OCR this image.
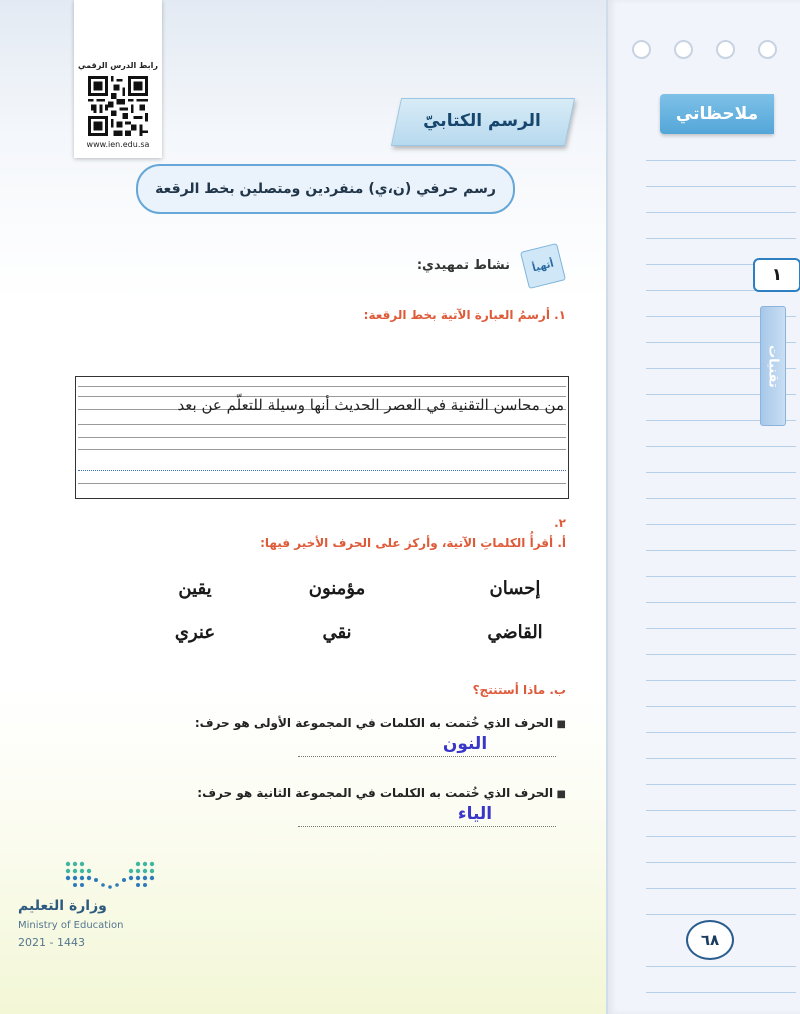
رابط الدرس الرقمي
www.ien.edu.sa
الرسم الكتابيّ
رسم حرفي (ن،ي) منفردين ومتصلين بخط الرقعة
أتهيأ
نشاط تمهيدي:
١. أرسمُ العبارة الآتية بخط الرقعة:
من محاسن التقنية في العصر الحديث أنها وسيلة للتعلّم عن بعد
٢.
أ. أقرأُ الكلماتِ الآتية، وأركز على الحرف الأخير فيها:
إحسان
مؤمنون
يقين
القاضي
نقي
عنري
ب. ماذا أستنتج؟
■ الحرف الذي خُتمت به الكلمات في المجموعة الأولى هو حرف:
النون
■ الحرف الذي خُتمت به الكلمات في المجموعة الثانية هو حرف:
الياء
وزارة التعليم
Ministry of Education
2021 - 1443
ملاحظاتي
١
تقنيات
٦٨
